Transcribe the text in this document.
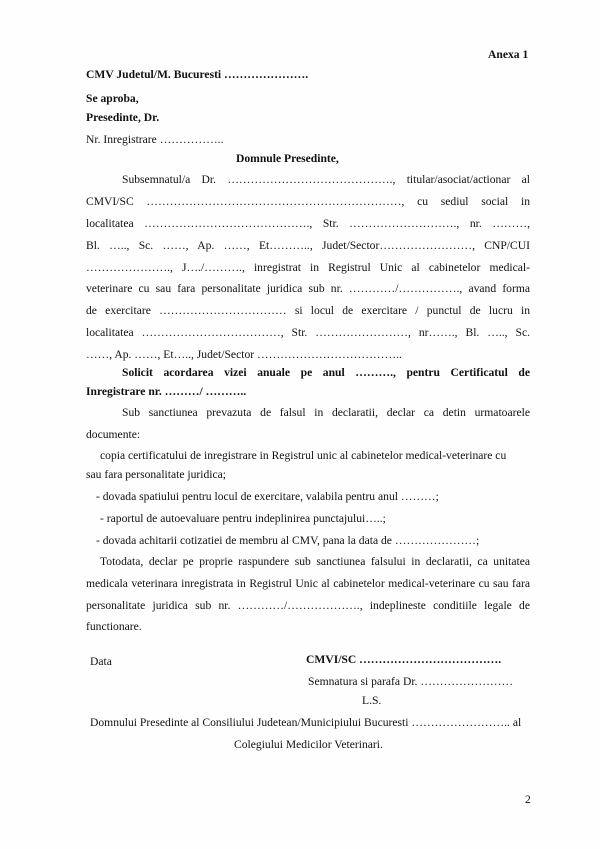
Anexa 1
CMV Judetul/M. Bucuresti ………………….
Se aproba,
Presedinte, Dr.
Nr. Inregistrare ……………..
Domnule Presedinte,
Subsemnatul/a Dr. ……………………………………., titular/asociat/actionar al
CMVI/SC …………………………………………………………, cu sediul social in
localitatea ……………………………………., Str. ………………………., nr. ………,
Bl. ….., Sc. ……, Ap. ……, Et……….., Judet/Sector……………………, CNP/CUI
…………………., J…./………., inregistrat in Registrul Unic al cabinetelor medical-
veterinare cu sau fara personalitate juridica sub nr. …………/……………., avand forma
de exercitare …………………………… si locul de exercitare / punctul de lucru in
localitatea ………………………………, Str. ……………………, nr……., Bl. ….., Sc.
……, Ap. ……, Et….., Judet/Sector ………………………………..
Solicit acordarea vizei anuale pe anul ………., pentru Certificatul de
Inregistrare nr. ………/ ………..
Sub sanctiunea prevazuta de falsul in declaratii, declar ca detin urmatoarele
documente:
copia certificatului de inregistrare in Registrul unic al cabinetelor medical-veterinare cu
sau fara personalitate juridica;
- dovada spatiului pentru locul de exercitare, valabila pentru anul ………;
- raportul de autoevaluare pentru indeplinirea punctajului…..;
- dovada achitarii cotizatiei de membru al CMV, pana la data de …………………;
Totodata, declar pe proprie raspundere sub sanctiunea falsului in declaratii, ca unitatea
medicala veterinara inregistrata in Registrul Unic al cabinetelor medical-veterinare cu sau fara
personalitate juridica sub nr. …………/………………., indeplineste conditiile legale de
functionare.
Data	CMVI/SC ……………………………….
Semnatura si parafa Dr. ……………………
L.S.
Domnului Presedinte al Consiliului Judetean/Municipiului Bucuresti …………………….. al
Colegiului Medicilor Veterinari.
2
